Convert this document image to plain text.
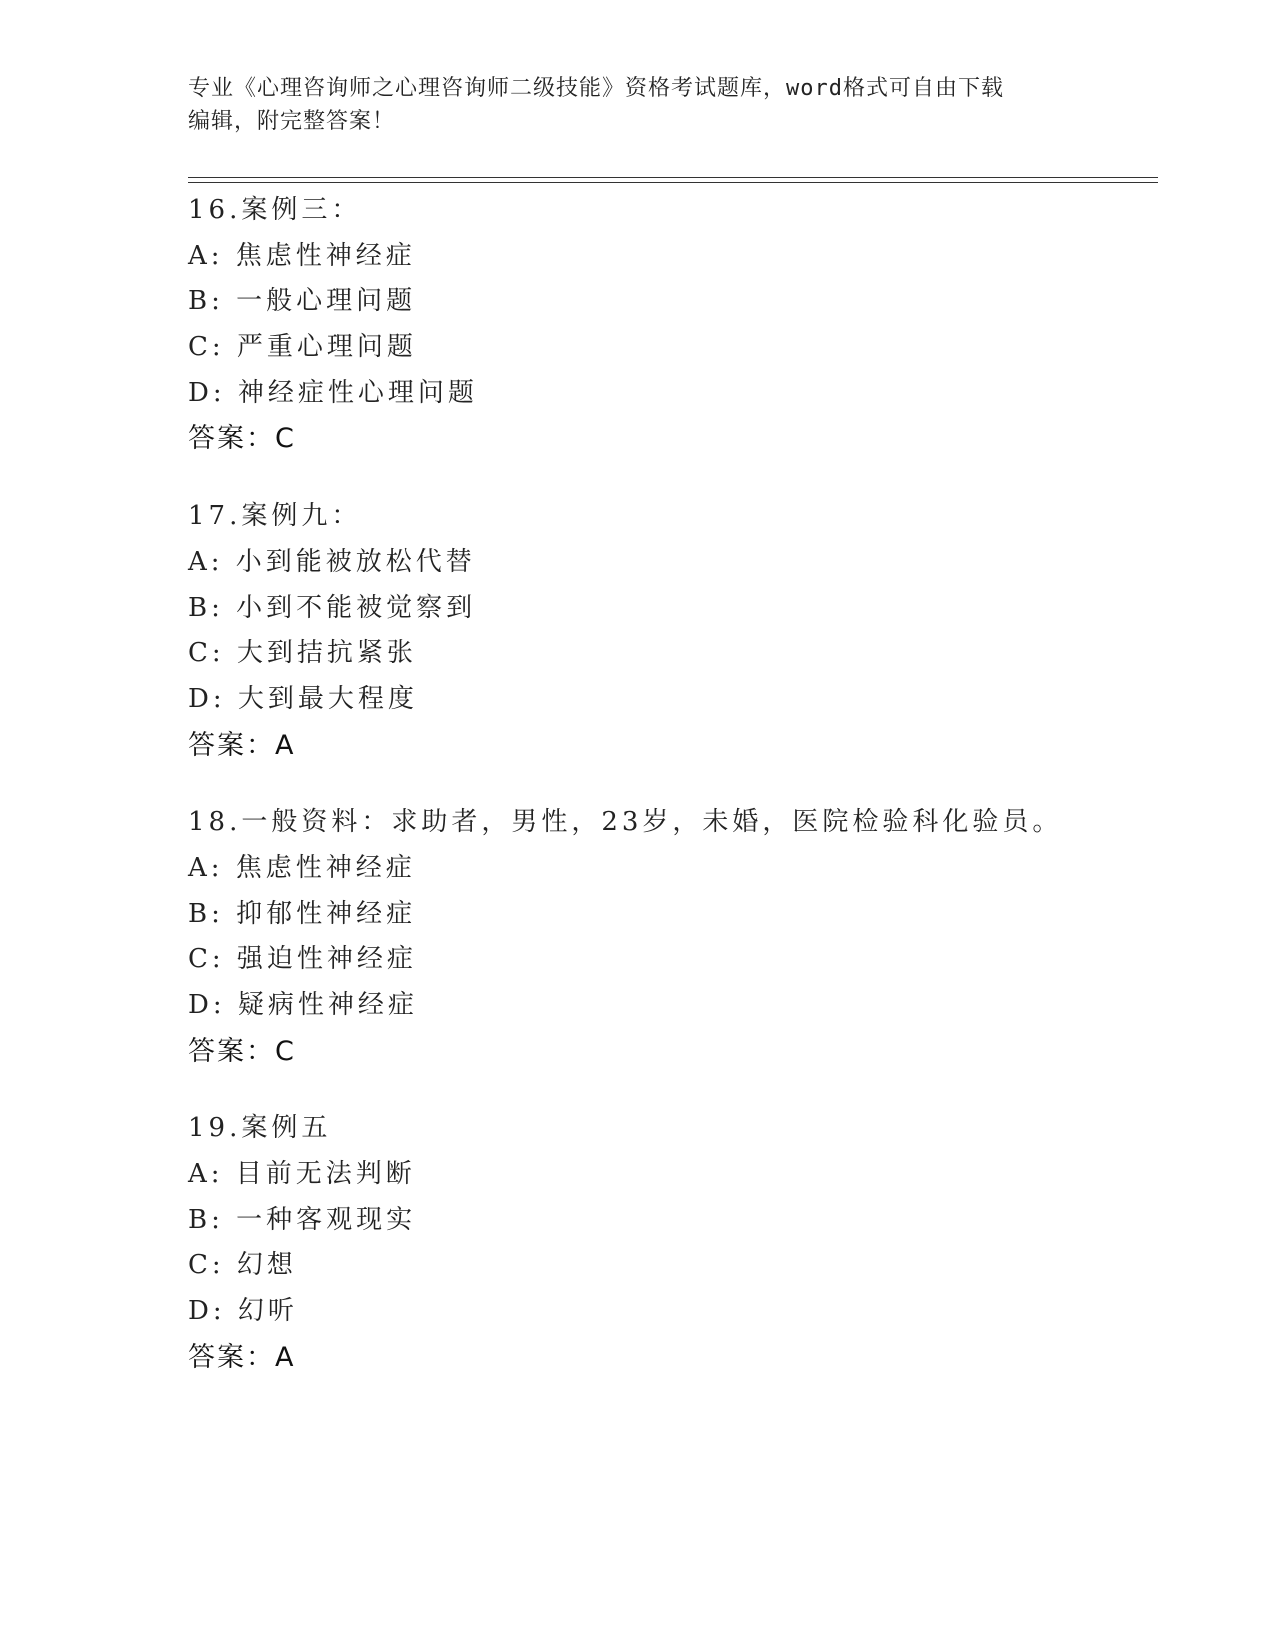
专业《心理咨询师之心理咨询师二级技能》资格考试题库，word格式可自由下载
编辑，附完整答案！
16.案例三：
A: 焦虑性神经症
B: 一般心理问题
C: 严重心理问题
D: 神经症性心理问题
答案：C
17.案例九：
A: 小到能被放松代替
B: 小到不能被觉察到
C: 大到拮抗紧张
D: 大到最大程度
答案：A
18.一般资料：求助者，男性，23岁，未婚，医院检验科化验员。
A: 焦虑性神经症
B: 抑郁性神经症
C: 强迫性神经症
D: 疑病性神经症
答案：C
19.案例五
A: 目前无法判断
B: 一种客观现实
C: 幻想
D: 幻听
答案：A
